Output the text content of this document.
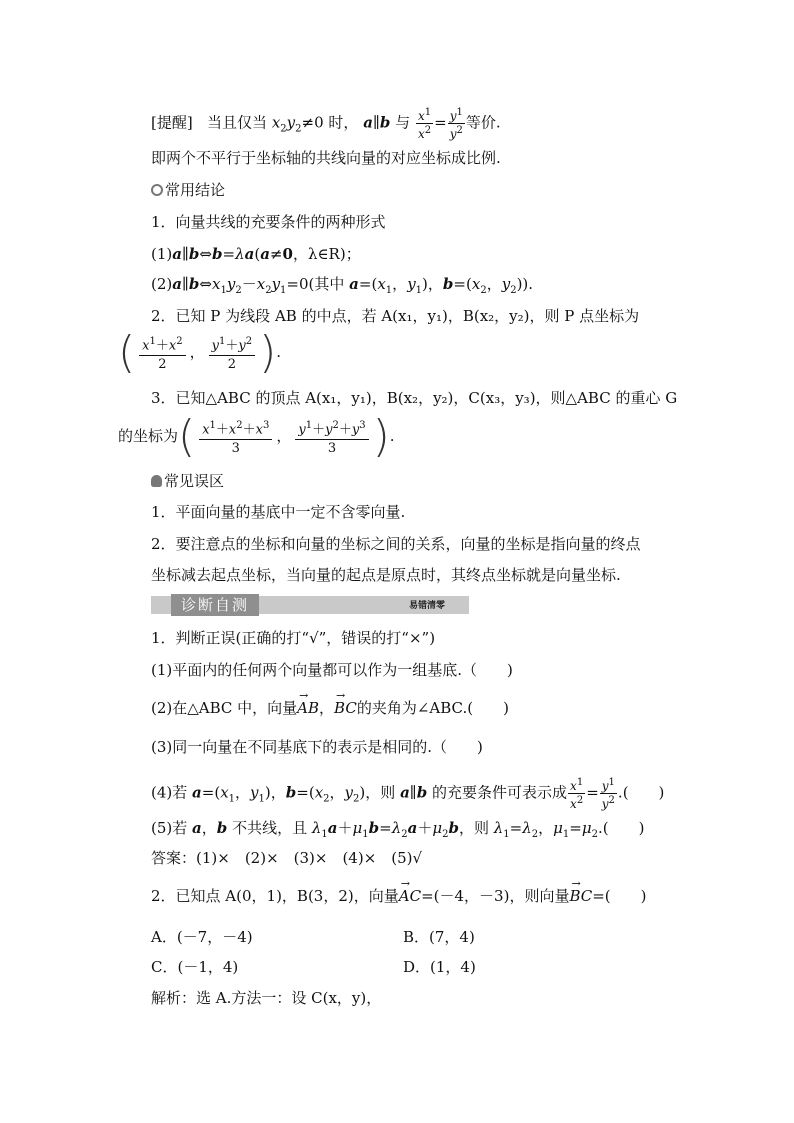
[提醒] 当且仅当 $x_2y_2\ne 0$ 时， a∥b 与 $\frac{x^1}{x^2} = \frac{y^1}{y^2}$ 等价.
即两个不平行于坐标轴的共线向量的对应坐标成比例.
常用结论
1．向量共线的充要条件的两种形式
(1)a∥b⇔b=λa(a≠0，λ∈R)；
$(2)a\parallel b\Leftrightarrow x_1y_2-x_2y_1=0$(其中 $a=(x_1$，$y_1$)，$b=(x_2$，$y_2$)).
2．已知 P 为线段 AB 的中点，若 A(x₁，y₁)，B(x₂，y₂)，则 P 点坐标为
( $\frac{x^1+x^2}{2}$ ， $\frac{y^1+y^2}{2}$ ).
3．已知△ABC 的顶点 A(x₁，y₁)，B(x₂，y₂)，C(x₃，y₃)，则△ABC 的重心 G
的坐标为( $\frac{x^1+x^2+x^3}{3}$ ， $\frac{y^1+y^2+y^3}{3}$ ).
常见误区
1．平面向量的基底中一定不含零向量.
2．要注意点的坐标和向量的坐标之间的关系，向量的坐标是指向量的终点
坐标减去起点坐标，当向量的起点是原点时，其终点坐标就是向量坐标.
诊断自测	易错清零
1．判断正误(正确的打“√”，错误的打“×”)
(1)平面内的任何两个向量都可以作为一组基底.（　　)
(2)在△ABC 中，向量→ AB，→ BC的夹角为∠ABC.(　　)
(3)同一向量在不同基底下的表示是相同的.（　　)
(4)若 $a=(x_1$，$y_1$)，$b=(x_2$，$y_2$)，则 a∥b 的充要条件可表示成 $\frac{x^1}{x^2} = \frac{y^1}{y^2}$ .(　　)
(5)若 a，b 不共线，且 $\lambda_1a+\mu_1b=\lambda_2a+\mu_2b$，则 $\lambda_1=\lambda_2$，$\mu_1=\mu_2$.(　　)
答案：(1)×　(2)×　(3)×　(4)×　(5)√
2．已知点 A(0，1)，B(3，2)，向量→ AC=(－4，－3)，则向量→ BC=(　　)
A．(－7，－4)	B．(7，4)
C．(－1，4)	D．(1，4)
解析：选 A.方法一：设 C(x，y)，
